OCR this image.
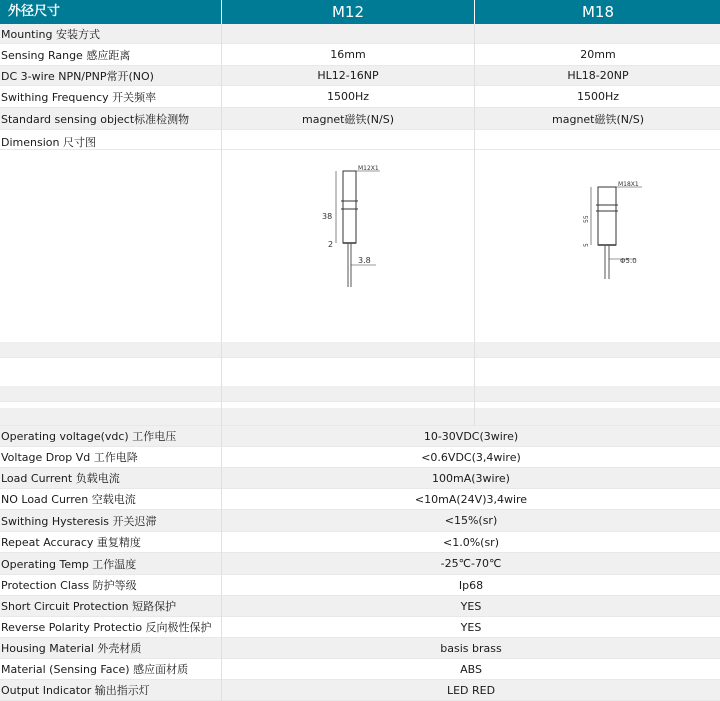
外径尺寸	M12	M18
Mounting 安装方式
Sensing Range 感应距离	16mm	20mm
DC 3-wire NPN/PNP常开(NO)	HL12-16NP	HL18-20NP
Swithing Frequency 开关频率	1500Hz	1500Hz
Standard sensing object标准检测物	magnet磁铁(N/S)	magnet磁铁(N/S)
Dimension 尺寸图
M12X1
38
2
3.8
M18X1
55
5
Φ5.0
Operating voltage(vdc) 工作电压	10-30VDC(3wire)
Voltage Drop Vd 工作电降	<0.6VDC(3,4wire)
Load Current 负载电流	100mA(3wire)
NO Load Curren 空载电流	<10mA(24V)3,4wire
Swithing Hysteresis 开关迟滞	<15%(sr)
Repeat Accuracy 重复精度	<1.0%(sr)
Operating Temp 工作温度	-25℃-70℃
Protection Class 防护等级	Ip68
Short Circuit Protection 短路保护	YES
Reverse Polarity Protectio 反向极性保护	YES
Housing Material 外壳材质	basis brass
Material (Sensing Face) 感应面材质	ABS
Output Indicator 输出指示灯	LED RED
